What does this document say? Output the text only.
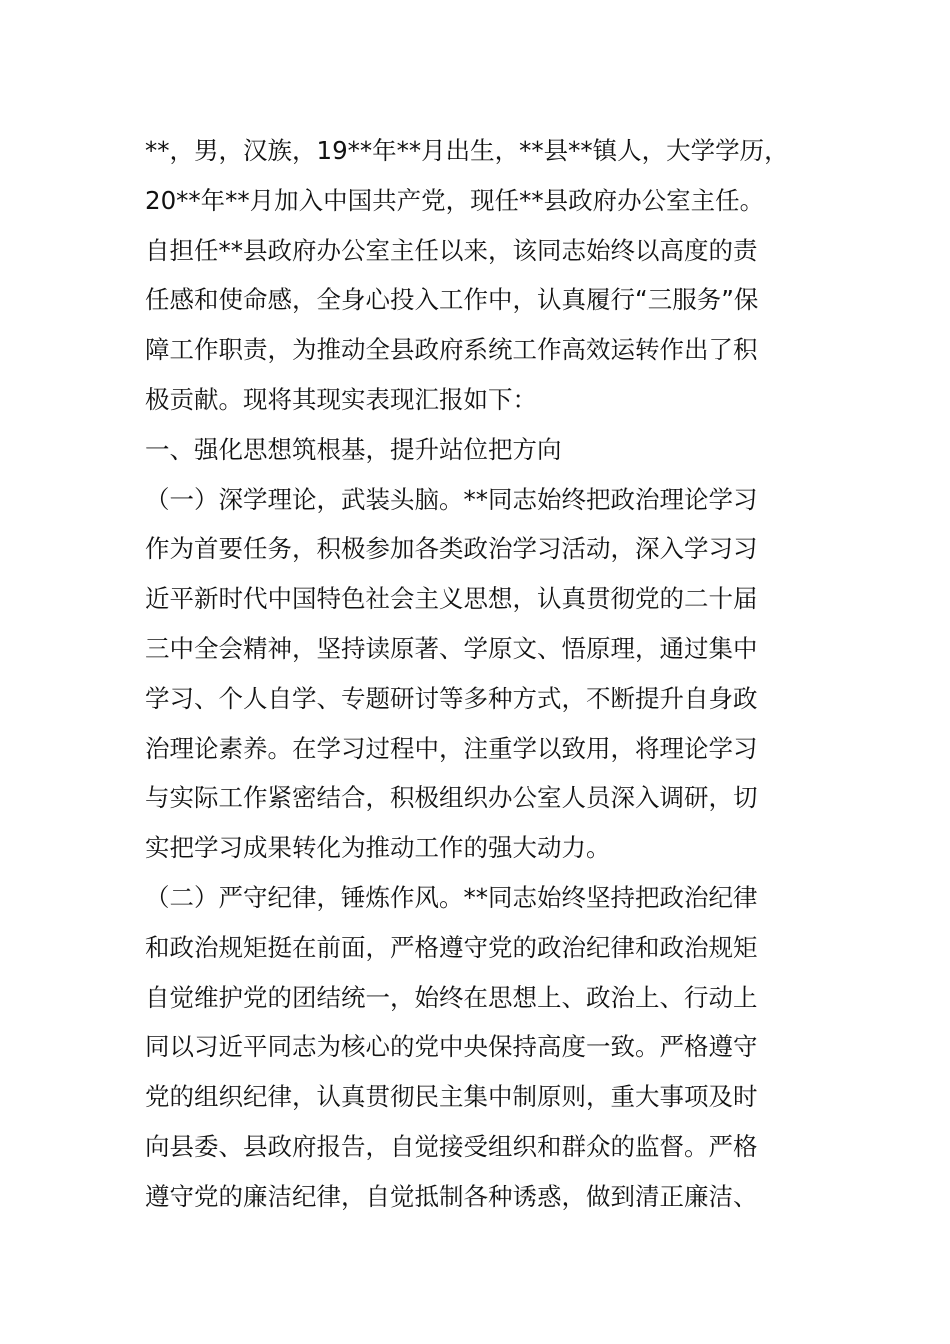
**，男，汉族，19**年**月出生，**县**镇人，大学学历，
20**年**月加入中国共产党，现任**县政府办公室主任。
自担任**县政府办公室主任以来，该同志始终以高度的责
任感和使命感，全身心投入工作中，认真履行“三服务”保
障工作职责，为推动全县政府系统工作高效运转作出了积
极贡献。现将其现实表现汇报如下：
一、强化思想筑根基，提升站位把方向
（一）深学理论，武装头脑。**同志始终把政治理论学习
作为首要任务，积极参加各类政治学习活动，深入学习习
近平新时代中国特色社会主义思想，认真贯彻党的二十届
三中全会精神，坚持读原著、学原文、悟原理，通过集中
学习、个人自学、专题研讨等多种方式，不断提升自身政
治理论素养。在学习过程中，注重学以致用，将理论学习
与实际工作紧密结合，积极组织办公室人员深入调研，切
实把学习成果转化为推动工作的强大动力。
（二）严守纪律，锤炼作风。**同志始终坚持把政治纪律
和政治规矩挺在前面，严格遵守党的政治纪律和政治规矩
自觉维护党的团结统一，始终在思想上、政治上、行动上
同以习近平同志为核心的党中央保持高度一致。严格遵守
党的组织纪律，认真贯彻民主集中制原则，重大事项及时
向县委、县政府报告，自觉接受组织和群众的监督。严格
遵守党的廉洁纪律，自觉抵制各种诱惑，做到清正廉洁、
